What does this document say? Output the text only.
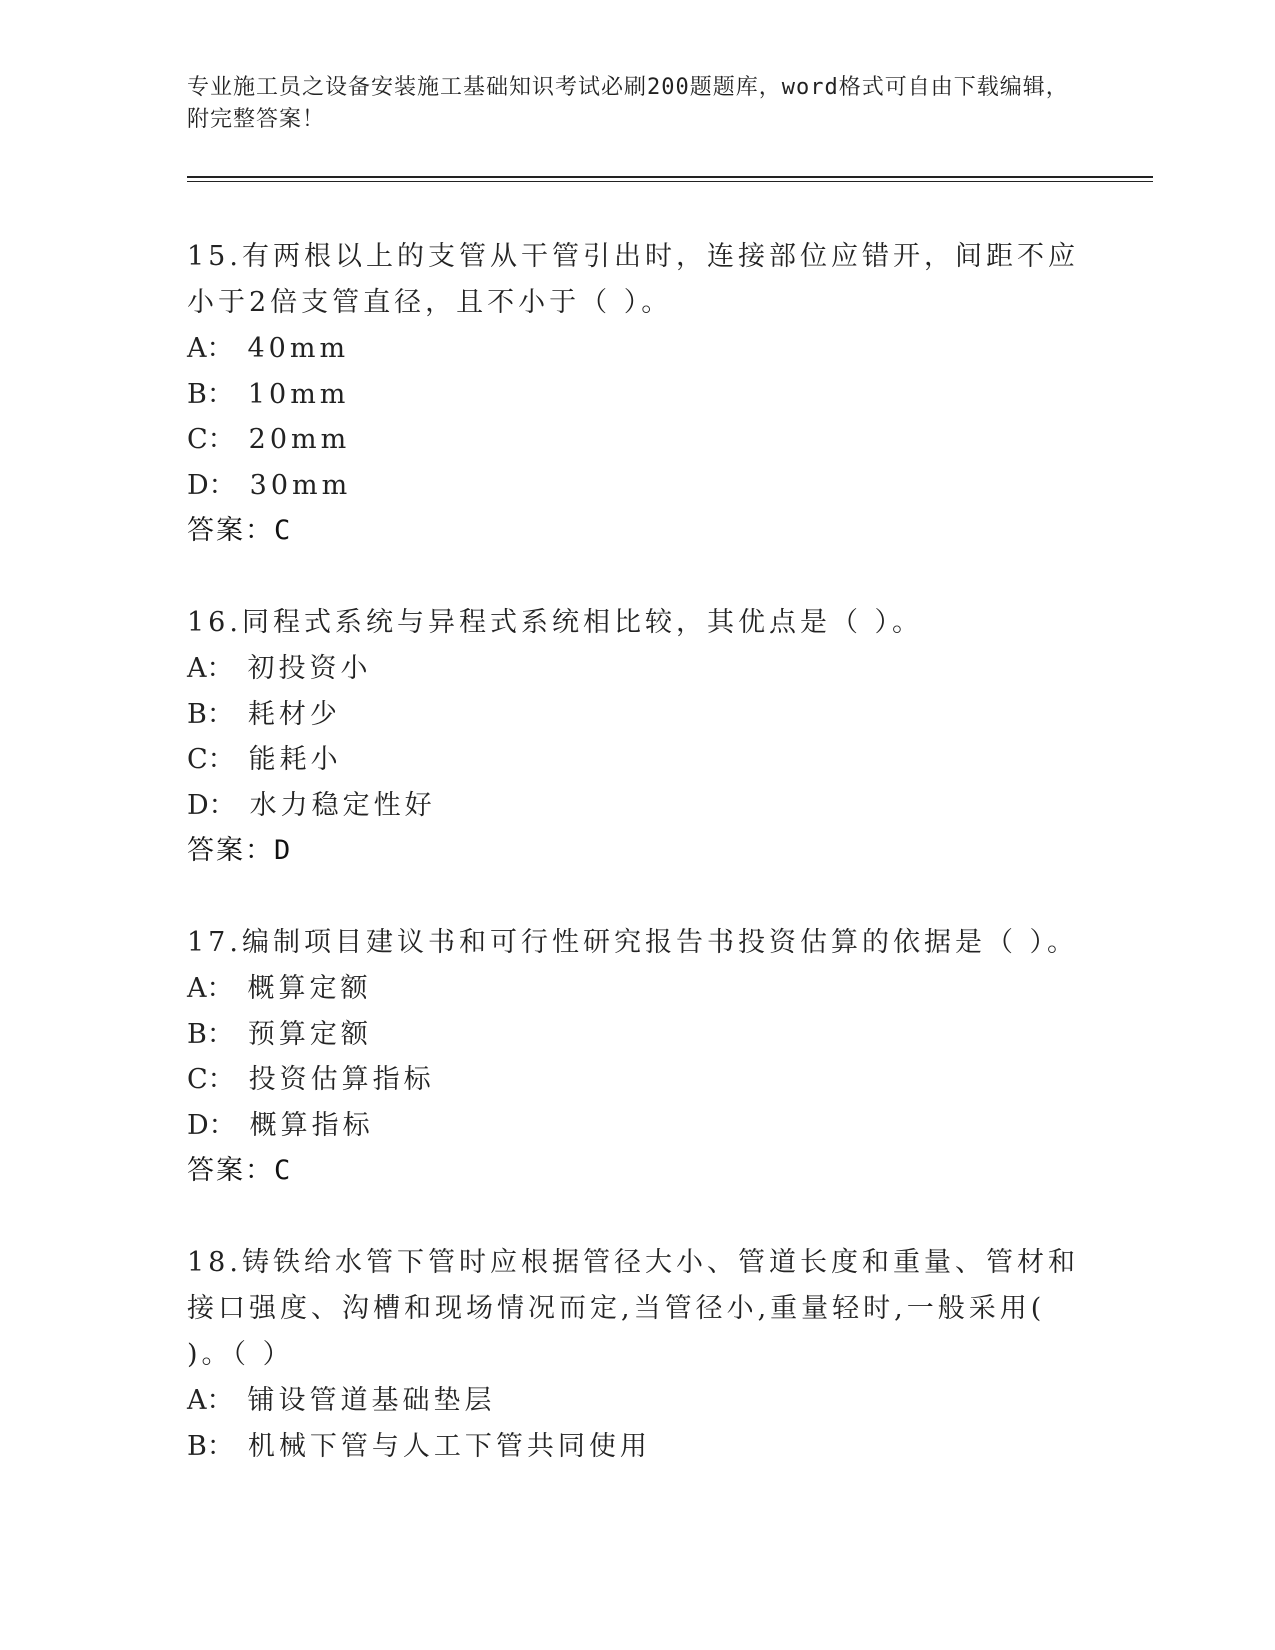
专业施工员之设备安装施工基础知识考试必刷200题题库，word格式可自由下载编辑，附完整答案！

15.有两根以上的支管从干管引出时，连接部位应错开，间距不应小于2倍支管直径，且不小于（ ）。

A： 40mm
B： 10mm
C： 20mm
D： 30mm

答案：C

16.同程式系统与异程式系统相比较，其优点是（ ）。

A： 初投资小
B： 耗材少
C： 能耗小
D： 水力稳定性好

答案：D

17.编制项目建议书和可行性研究报告书投资估算的依据是（ ）。

A： 概算定额
B： 预算定额
C： 投资估算指标
D： 概算指标

答案：C

18.铸铁给水管下管时应根据管径大小、管道长度和重量、管材和接口强度、沟槽和现场情况而定,当管径小,重量轻时,一般采用( )。（ ）

A： 铺设管道基础垫层
B： 机械下管与人工下管共同使用
